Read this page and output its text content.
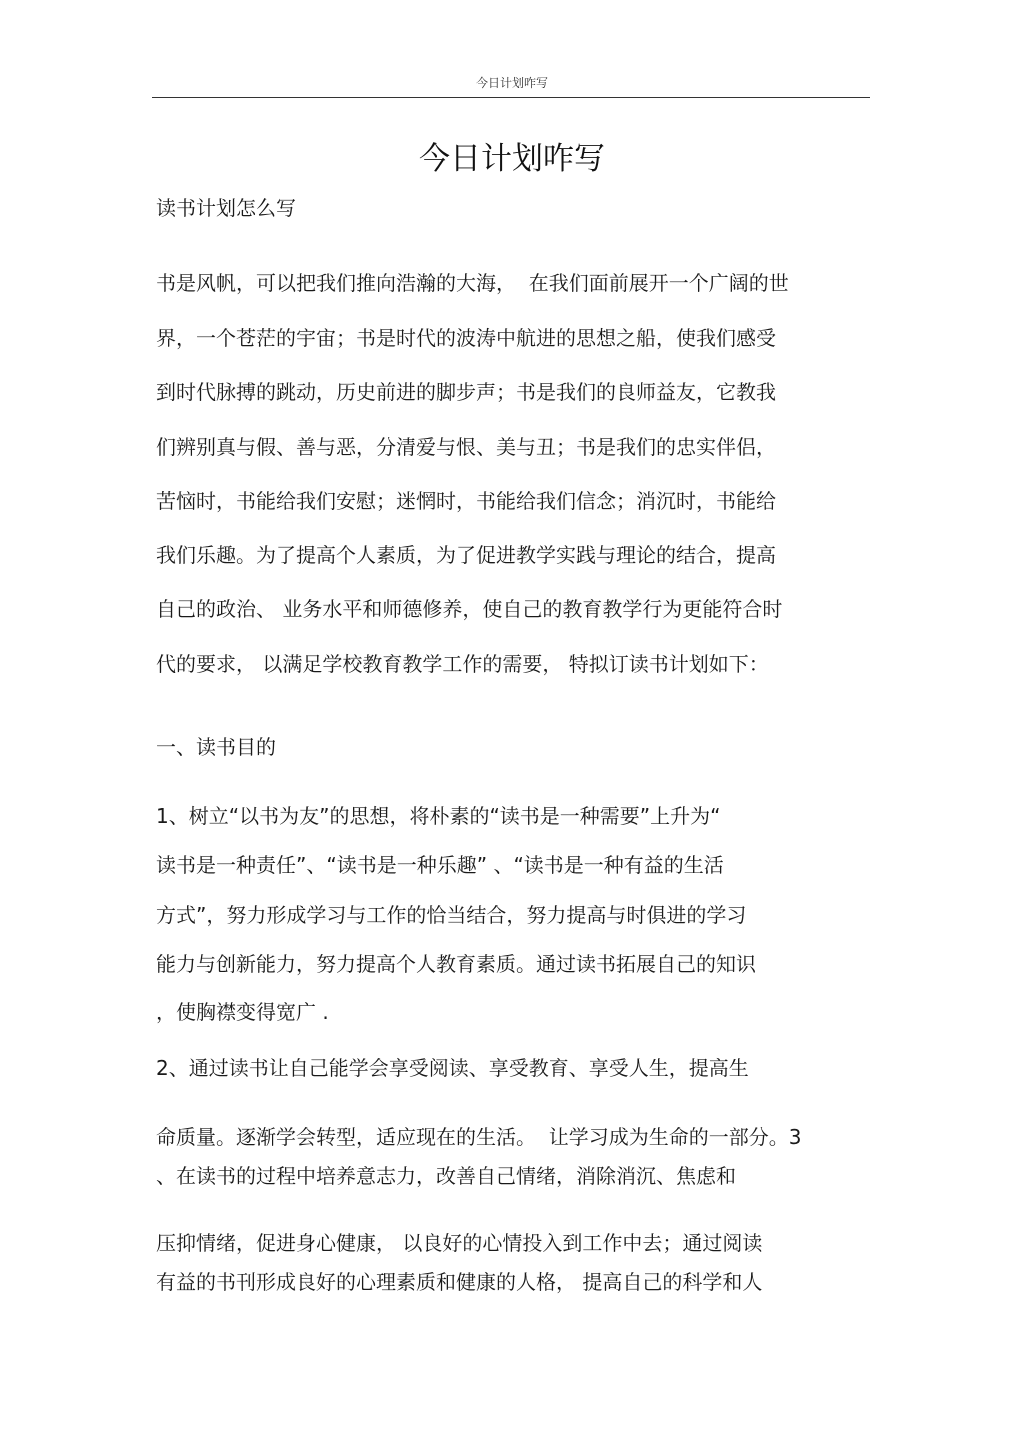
今日计划咋写
今日计划咋写
读书计划怎么写
书是风帆，可以把我们推向浩瀚的大海，  在我们面前展开一个广阔的世
界，一个苍茫的宇宙；书是时代的波涛中航进的思想之船，使我们感受
到时代脉搏的跳动，历史前进的脚步声；书是我们的良师益友，它教我
们辨别真与假、善与恶，分清爱与恨、美与丑；书是我们的忠实伴侣，
苦恼时，书能给我们安慰；迷惘时，书能给我们信念；消沉时，书能给
我们乐趣。为了提高个人素质，为了促进教学实践与理论的结合，提高
自己的政治、 业务水平和师德修养，使自己的教育教学行为更能符合时
代的要求， 以满足学校教育教学工作的需要， 特拟订读书计划如下：
一、读书目的
1、树立“以书为友”的思想，将朴素的“读书是一种需要”上升为“
读书是一种责任”、“读书是一种乐趣” 、“读书是一种有益的生活
方式”，努力形成学习与工作的恰当结合，努力提高与时俱进的学习
能力与创新能力，努力提高个人教育素质。通过读书拓展自己的知识
，使胸襟变得宽广 .
2、通过读书让自己能学会享受阅读、享受教育、享受人生，提高生
命质量。逐渐学会转型，适应现在的生活。  让学习成为生命的一部分。3
、在读书的过程中培养意志力，改善自己情绪，消除消沉、焦虑和
压抑情绪，促进身心健康， 以良好的心情投入到工作中去；通过阅读
有益的书刊形成良好的心理素质和健康的人格， 提高自己的科学和人
